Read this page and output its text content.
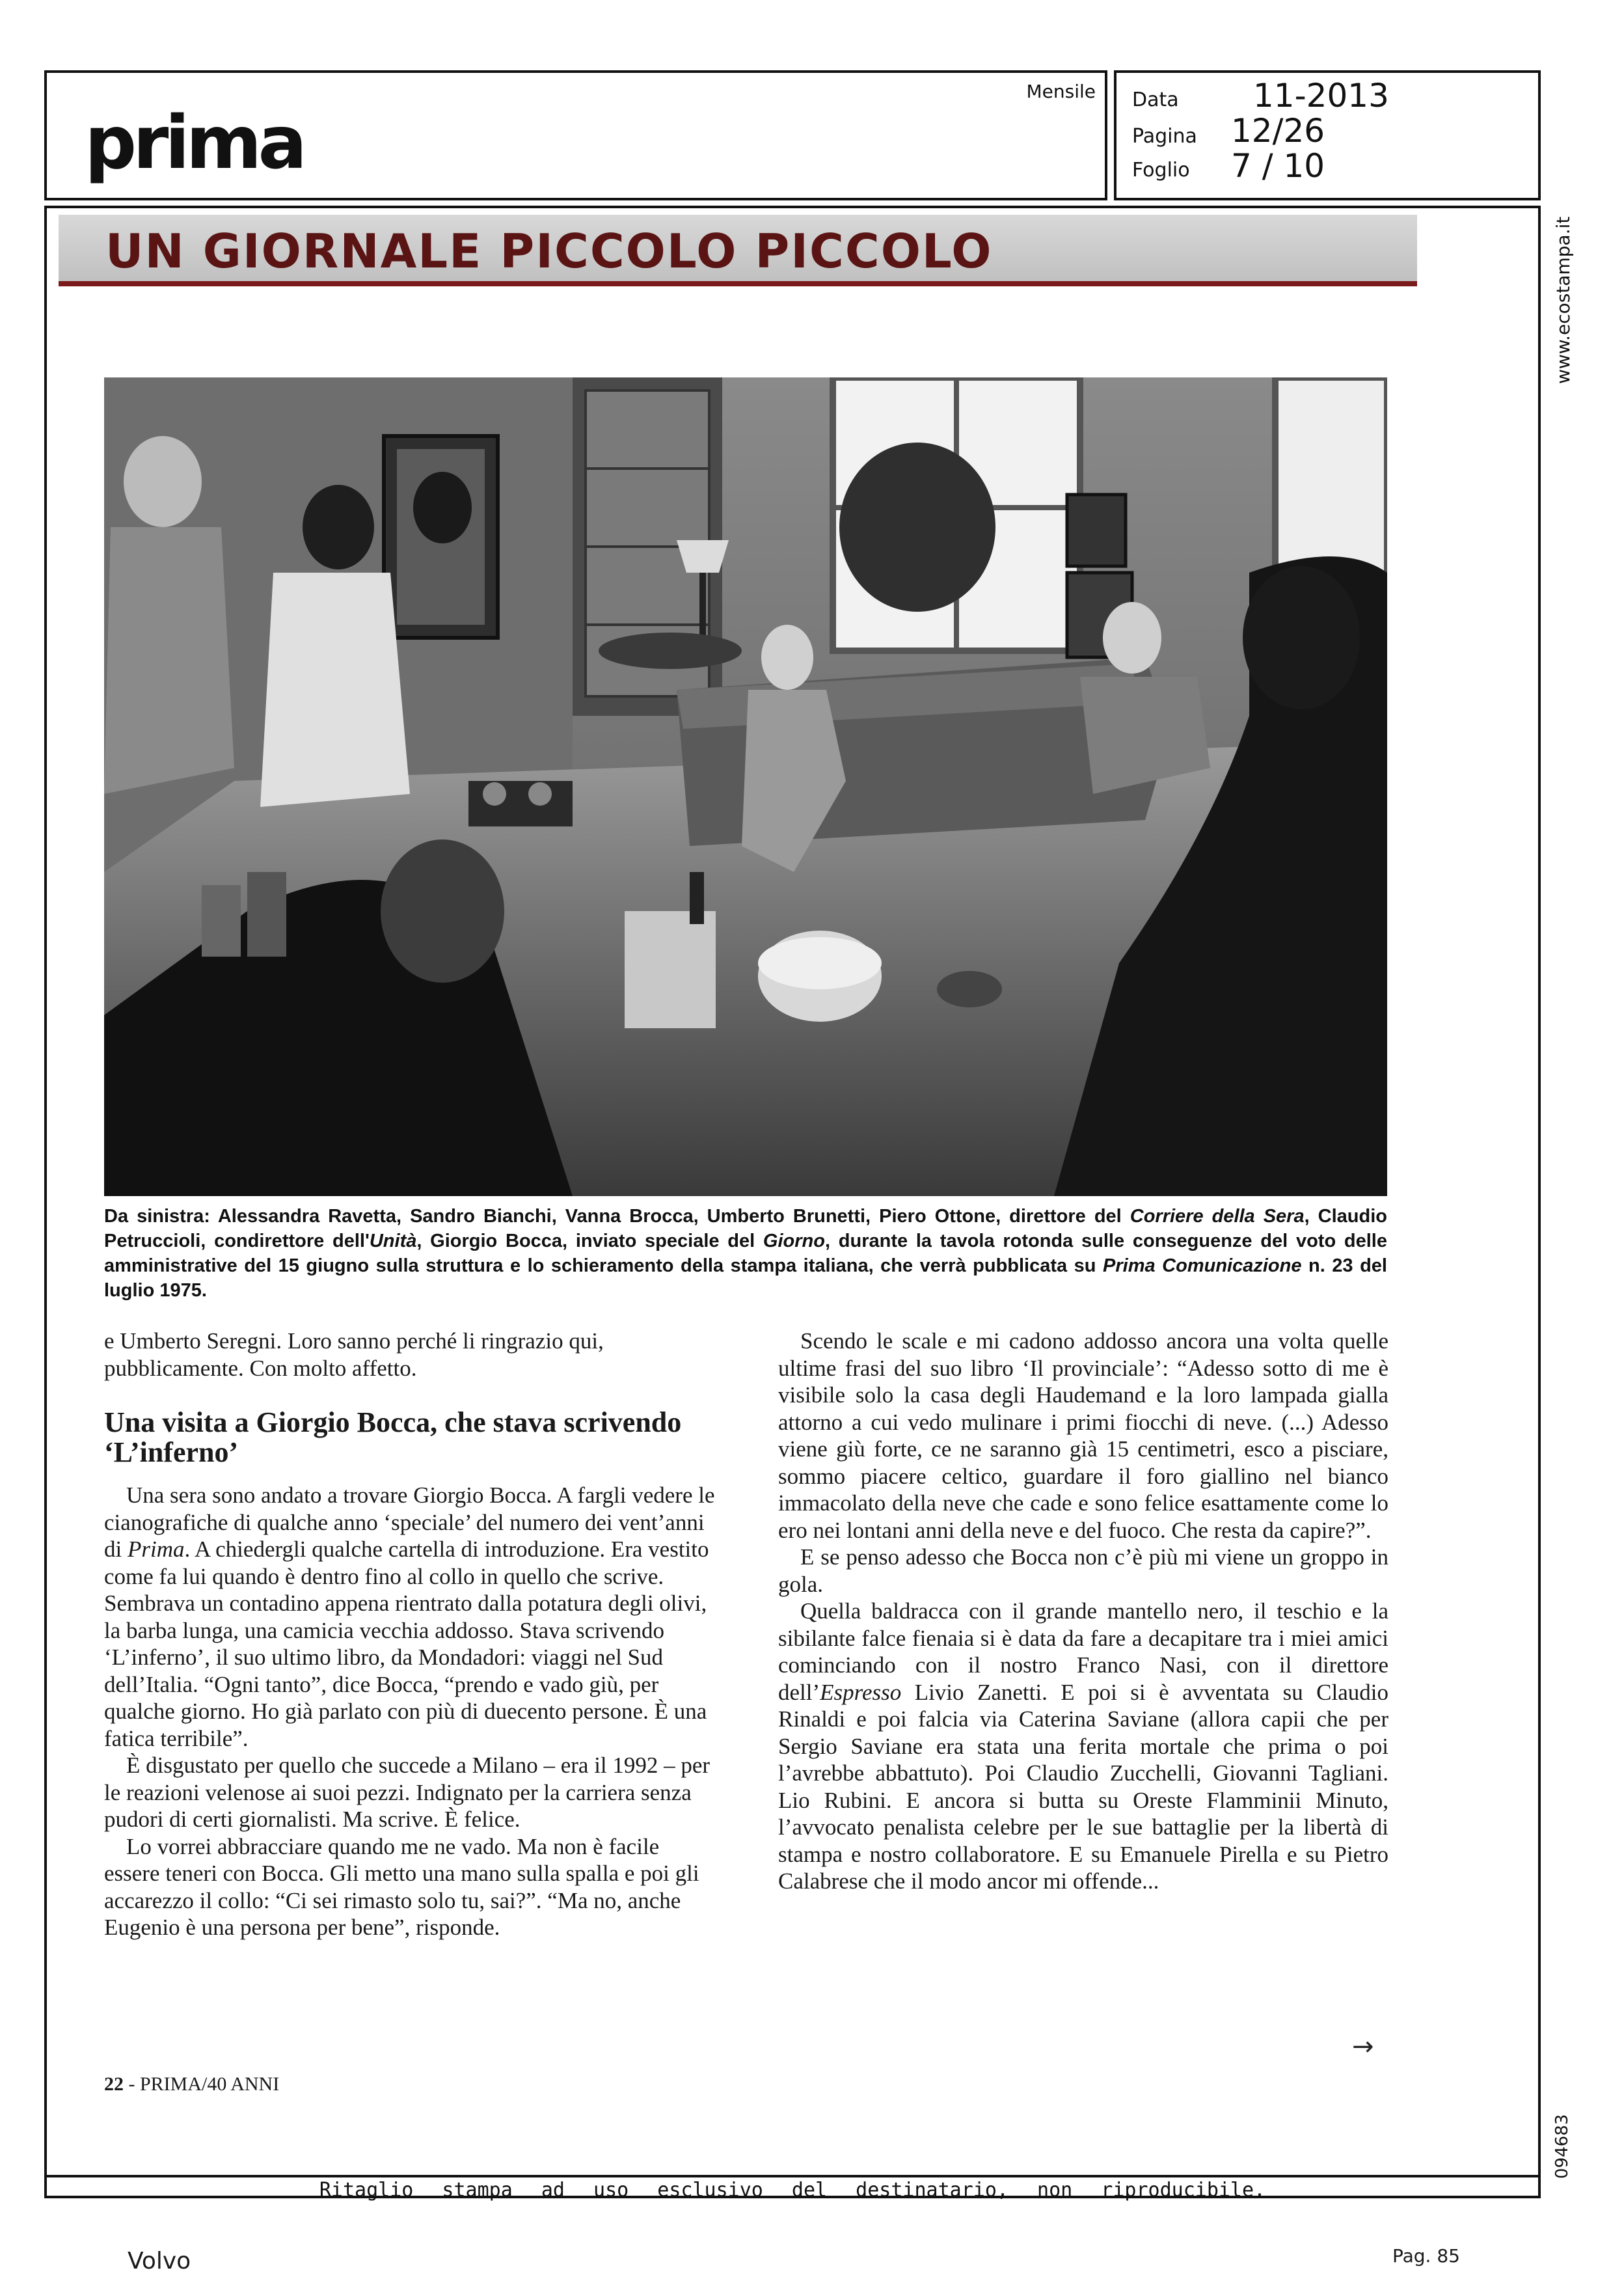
prima
Mensile Data 11-2013
Pagina 12/26
Foglio 7 / 10
UN GIORNALE PICCOLO PICCOLO
Da sinistra: Alessandra Ravetta, Sandro Bianchi, Vanna Brocca, Umberto Brunetti, Piero Ottone, direttore del Corriere della Sera, Claudio Petruccioli, condirettore dell'Unità, Giorgio Bocca, inviato speciale del Giorno, durante la tavola rotonda sulle conseguenze del voto delle amministrative del 15 giugno sulla struttura e lo schieramento della stampa italiana, che verrà pubblicata su Prima Comunicazione n. 23 del luglio 1975.

e Umberto Seregni. Loro sanno perché li ringrazio qui, pubblicamente. Con molto affetto.

Una visita a Giorgio Bocca, che stava scrivendo ‘L’inferno’

Una sera sono andato a trovare Giorgio Bocca. A fargli vedere le cianografiche di qualche anno ‘speciale’ del numero dei vent’anni di Prima. A chiedergli qualche cartella di introduzione. Era vestito come fa lui quando è dentro fino al collo in quello che scrive. Sembrava un contadino appena rientrato dalla potatura degli olivi, la barba lunga, una camicia vecchia addosso. Stava scrivendo ‘L’inferno’, il suo ultimo libro, da Mondadori: viaggi nel Sud dell’Italia. “Ogni tanto”, dice Bocca, “prendo e vado giù, per qualche giorno. Ho già parlato con più di duecento persone. È una fatica terribile”.

È disgustato per quello che succede a Milano – era il 1992 – per le reazioni velenose ai suoi pezzi. Indignato per la carriera senza pudori di certi giornalisti. Ma scrive. È felice.

Lo vorrei abbracciare quando me ne vado. Ma non è facile essere teneri con Bocca. Gli metto una mano sulla spalla e poi gli accarezzo il collo: “Ci sei rimasto solo tu, sai?”. “Ma no, anche Eugenio è una persona per bene”, risponde.

Scendo le scale e mi cadono addosso ancora una volta quelle ultime frasi del suo libro ‘Il provinciale’: “Adesso sotto di me è visibile solo la casa degli Haudemand e la loro lampada gialla attorno a cui vedo mulinare i primi fiocchi di neve. (...) Adesso viene giù forte, ce ne saranno già 15 centimetri, esco a pisciare, sommo piacere celtico, guardare il foro giallino nel bianco immacolato della neve che cade e sono felice esattamente come lo ero nei lontani anni della neve e del fuoco. Che resta da capire?”.

E se penso adesso che Bocca non c’è più mi viene un groppo in gola.

Quella baldracca con il grande mantello nero, il teschio e la sibilante falce fienaia si è data da fare a decapitare tra i miei amici cominciando con il nostro Franco Nasi, con il direttore dell’Espresso Livio Zanetti. E poi si è avventata su Claudio Rinaldi e poi falcia via Caterina Saviane (allora capii che per Sergio Saviane era stata una ferita mortale che prima o poi l’avrebbe abbattuto). Poi Claudio Zucchelli, Giovanni Tagliani. Lio Rubini. E ancora si butta su Oreste Flamminii Minuto, l’avvocato penalista celebre per le sue battaglie per la libertà di stampa e nostro collaboratore. E su Emanuele Pirella e su Pietro Calabrese che il modo ancor mi offende...

→
22 - PRIMA/40 ANNI
Ritaglio stampa ad uso esclusivo del destinatario, non riproducibile.
www.ecostampa.it
094683
Volvo	Pag. 85
